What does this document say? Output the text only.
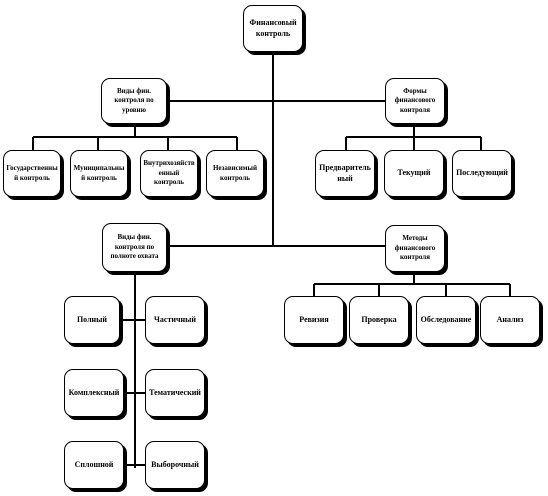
Финансовый контроль
Виды фин. контроля по уровню
Государственный контроль
Муниципальный контроль
Внутрихозяйственный контроль
Независимый контроль
Формы финансового контроля
Предварительный
Текущий	Последующий
Виды фин. контроля по полноте охвата
Полный	Частичный
Комплексный	Тематический
Сплошной	Выборочный
Методы финансового контроля
Ревизия	Проверка	Обследование	Анализ
